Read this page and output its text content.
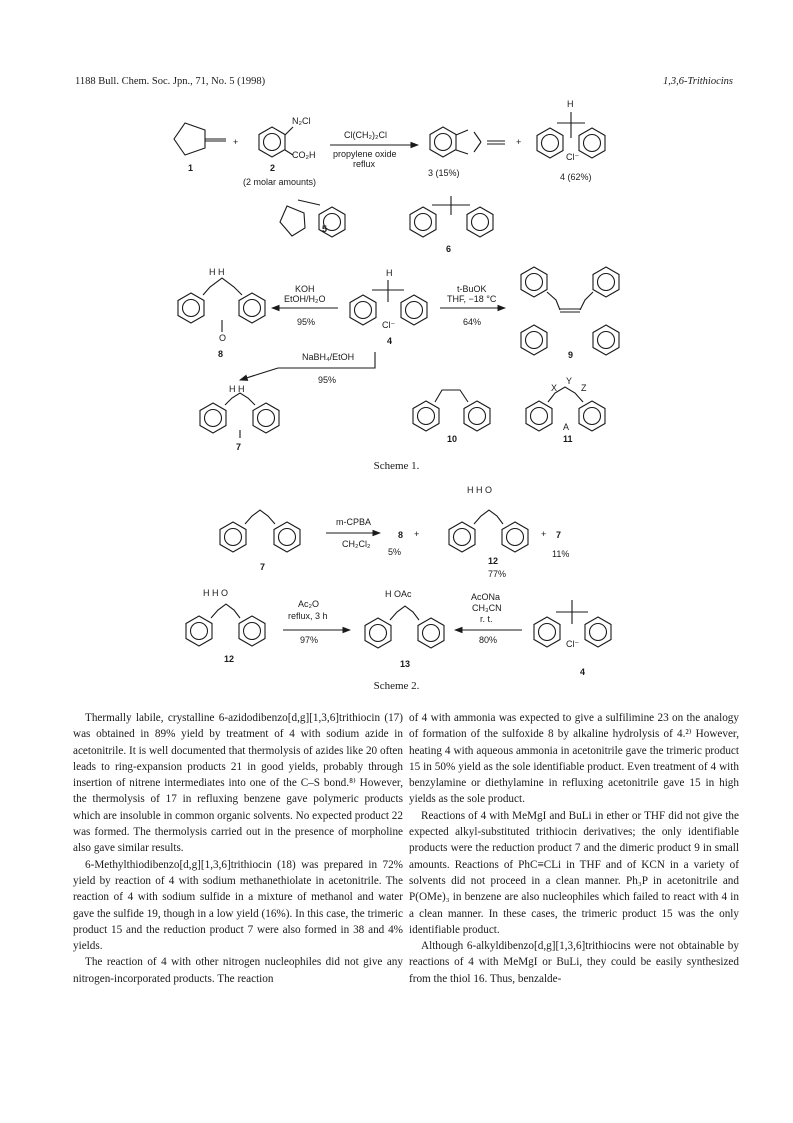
1188 Bull. Chem. Soc. Jpn., 71, No. 5 (1998)	1,3,6-Trithiocins
1	2
5
6
8
4
9
7
10	11
3 (15%)	4 (62%)
(2 molar amounts)
N₂Cl
CO₂H
Cl(CH₂)₂Cl
propylene oxide
reflux
KOH
EtOH/H₂O
95%
t-BuOK
THF, −18 °C
64%
NaBH₄/EtOH
95%
Cl⁻
Cl⁻
+	+
H
H
H H
H H
O
X
Y
Z
A
Scheme 1.
7
8
12
7
12	13
4
m-CPBA
CH₂Cl₂
5%
77%
11%
Ac₂O
reflux, 3 h
97%
AcONa
CH₃CN
r. t.
80%
H OAc
H H O
H H O
+	+
Cl⁻
Scheme 2.

Thermally labile, crystalline 6-azidodibenzo[d,g][1,3,6]trithiocin (17) was obtained in 89% yield by treatment of 4 with sodium azide in acetonitrile. It is well documented that thermolysis of azides like 20 often leads to ring-expansion products 21 in good yields, probably through insertion of nitrene intermediates into one of the C–S bond.⁸⁾ However, the thermolysis of 17 in refluxing benzene gave polymeric products which are insoluble in common organic solvents. No expected product 22 was formed. The thermolysis carried out in the presence of morpholine also gave similar results.

6-Methylthiodibenzo[d,g][1,3,6]trithiocin (18) was prepared in 72% yield by reaction of 4 with sodium methanethiolate in acetonitrile. The reaction of 4 with sodium sulfide in a mixture of methanol and water gave the sulfide 19, though in a low yield (16%). In this case, the trimeric product 15 and the reduction product 7 were also formed in 38 and 4% yields.

The reaction of 4 with other nitrogen nucleophiles did not give any nitrogen-incorporated products. The reaction

of 4 with ammonia was expected to give a sulfilimine 23 on the analogy of formation of the sulfoxide 8 by alkaline hydrolysis of 4.²⁾ However, heating 4 with aqueous ammonia in acetonitrile gave the trimeric product 15 in 50% yield as the sole identifiable product. Even treatment of 4 with benzylamine or diethylamine in refluxing acetonitrile gave 15 in high yields as the sole product.

Reactions of 4 with MeMgI and BuLi in ether or THF did not give the expected alkyl-substituted trithiocin derivatives; the only identifiable products were the reduction product 7 and the dimeric product 9 in small amounts. Reactions of PhC≡CLi in THF and of KCN in a variety of solvents did not proceed in a clean manner. Ph₃P in acetonitrile and P(OMe)₃ in benzene are also nucleophiles which failed to react with 4 in a clean manner. In these cases, the trimeric product 15 was the only identifiable product.

Although 6-alkyldibenzo[d,g][1,3,6]trithiocins were not obtainable by reactions of 4 with MeMgI or BuLi, they could be easily synthesized from the thiol 16. Thus, benzalde-
